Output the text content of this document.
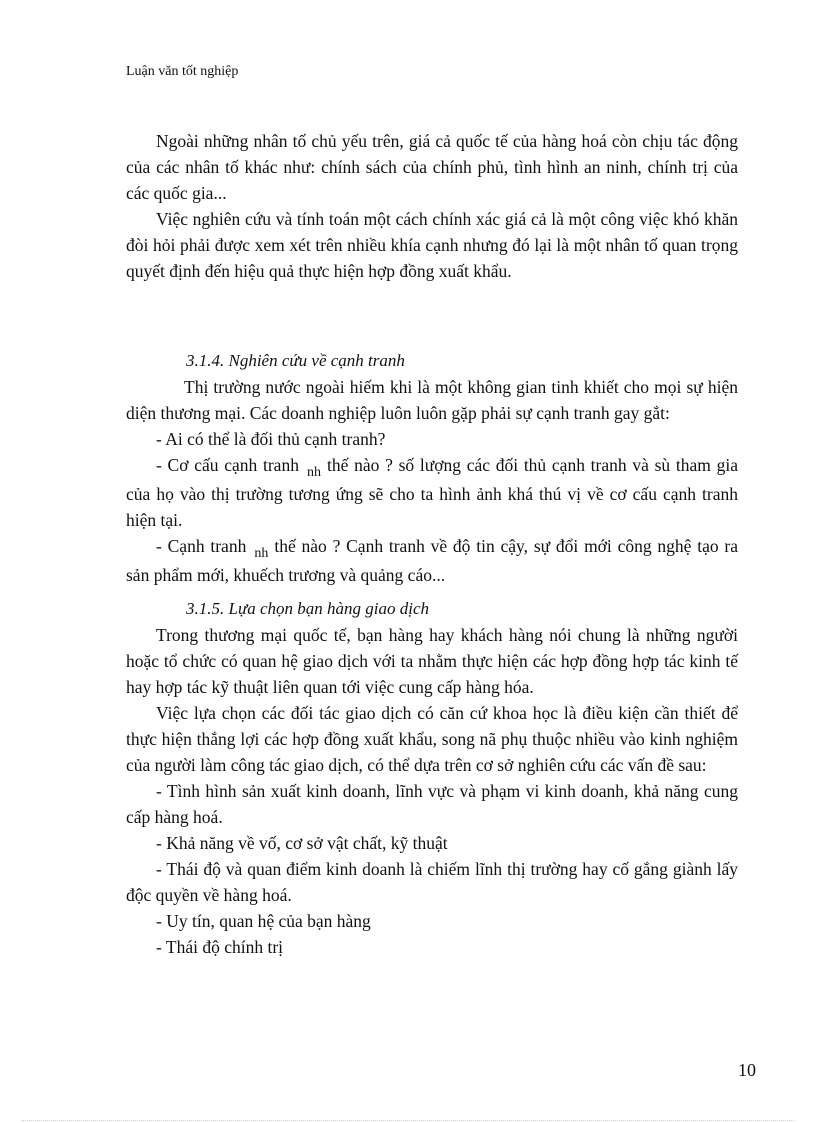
Luận văn tốt nghiệp

Ngoài những nhân tố chủ yếu trên, giá cả quốc tế của hàng hoá còn chịu tác động của các nhân tố khác như: chính sách của chính phủ, tình hình an ninh, chính trị của các quốc gia...

Việc nghiên cứu và tính toán một cách chính xác giá cả là một công việc khó khăn đòi hỏi phải được xem xét trên nhiều khía cạnh nhưng đó lại là một nhân tố quan trọng quyết định đến hiệu quả thực hiện hợp đồng xuất khẩu.

3.1.4. Nghiên cứu về cạnh tranh

Thị trường nước ngoài hiếm khi là một không gian tinh khiết cho mọi sự hiện diện thương mại. Các doanh nghiệp luôn luôn gặp phải sự cạnh tranh gay gắt:

- Ai có thể là đối thủ cạnh tranh?

- Cơ cấu cạnh tranh $_{nh}$ thế nào ? số lượng các đối thủ cạnh tranh và sù tham gia của họ vào thị trường tương ứng sẽ cho ta hình ảnh khá thú vị về cơ cấu cạnh tranh hiện tại.

- Cạnh tranh $_{nh}$ thế nào ? Cạnh tranh về độ tin cậy, sự đổi mới công nghệ tạo ra sản phẩm mới, khuếch trương và quảng cáo...

3.1.5. Lựa chọn bạn hàng giao dịch

Trong thương mại quốc tế, bạn hàng hay khách hàng nói chung là những người hoặc tổ chức có quan hệ giao dịch với ta nhằm thực hiện các hợp đồng hợp tác kinh tế hay hợp tác kỹ thuật liên quan tới việc cung cấp hàng hóa.

Việc lựa chọn các đối tác giao dịch có căn cứ khoa học là điều kiện cần thiết để thực hiện thắng lợi các hợp đồng xuất khẩu, song nã phụ thuộc nhiều vào kinh nghiệm của người làm công tác giao dịch, có thể dựa trên cơ sở nghiên cứu các vấn đề sau:

- Tình hình sản xuất kinh doanh, lĩnh vực và phạm vi kinh doanh, khả năng cung cấp hàng hoá.

- Khả năng về vố, cơ sở vật chất, kỹ thuật

- Thái độ và quan điểm kinh doanh là chiếm lĩnh thị trường hay cố gắng giành lấy độc quyền về hàng hoá.

- Uy tín, quan hệ của bạn hàng

- Thái độ chính trị

10
